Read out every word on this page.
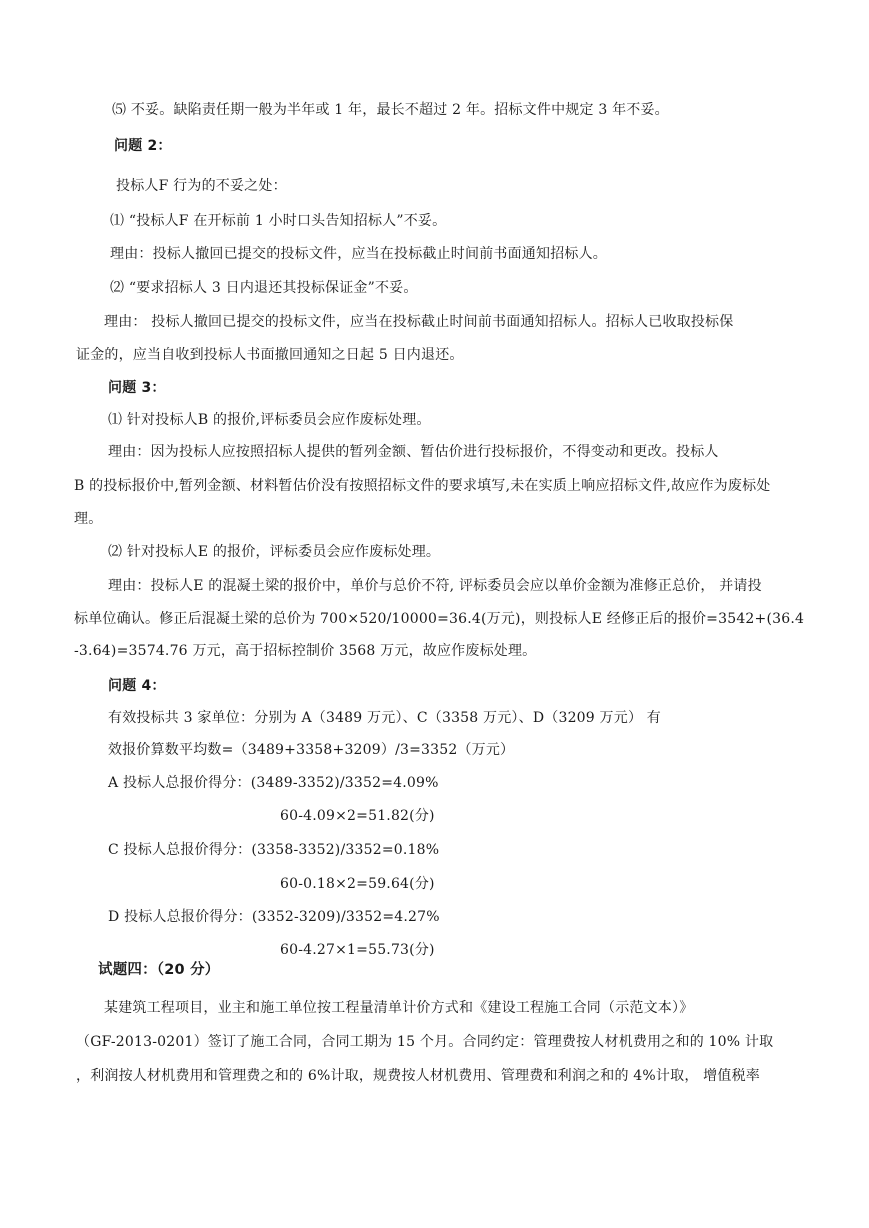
⑸ 不妥。缺陷责任期一般为半年或 1 年，最长不超过 2 年。招标文件中规定 3 年不妥。
问题 2：
投标人F 行为的不妥之处：
⑴ “投标人F 在开标前 1 小时口头告知招标人”不妥。
理由：投标人撤回已提交的投标文件，应当在投标截止时间前书面通知招标人。
⑵ “要求招标人 3 日内退还其投标保证金”不妥。
理由： 投标人撤回已提交的投标文件，应当在投标截止时间前书面通知招标人。招标人已收取投标保
证金的，应当自收到投标人书面撤回通知之日起 5 日内退还。
问题 3：
⑴ 针对投标人B 的报价,评标委员会应作废标处理。
理由：因为投标人应按照招标人提供的暂列金额、暂估价进行投标报价，不得变动和更改。投标人
B 的投标报价中,暂列金额、材料暂估价没有按照招标文件的要求填写,未在实质上响应招标文件,故应作为废标处
理。
⑵ 针对投标人E 的报价，评标委员会应作废标处理。
理由：投标人E 的混凝土梁的报价中，单价与总价不符, 评标委员会应以单价金额为准修正总价， 并请投
标单位确认。修正后混凝土梁的总价为 700×520/10000=36.4(万元)，则投标人E 经修正后的报价=3542+(36.4
-3.64)=3574.76 万元，高于招标控制价 3568 万元，故应作废标处理。
问题 4：
有效投标共 3 家单位：分别为 A（3489 万元）、C（3358 万元）、D（3209 万元） 有
效报价算数平均数=（3489+3358+3209）/3=3352（万元）
A 投标人总报价得分：(3489-3352)/3352=4.09%
60-4.09×2=51.82(分)
C 投标人总报价得分：(3358-3352)/3352=0.18%
60-0.18×2=59.64(分)
D 投标人总报价得分：(3352-3209)/3352=4.27%
60-4.27×1=55.73(分)
试题四：（20 分）
某建筑工程项目，业主和施工单位按工程量清单计价方式和《建设工程施工合同（示范文本）》
（GF-2013-0201）签订了施工合同，合同工期为 15 个月。合同约定：管理费按人材机费用之和的 10% 计取
，利润按人材机费用和管理费之和的 6%计取，规费按人材机费用、管理费和利润之和的 4%计取， 增值税率
